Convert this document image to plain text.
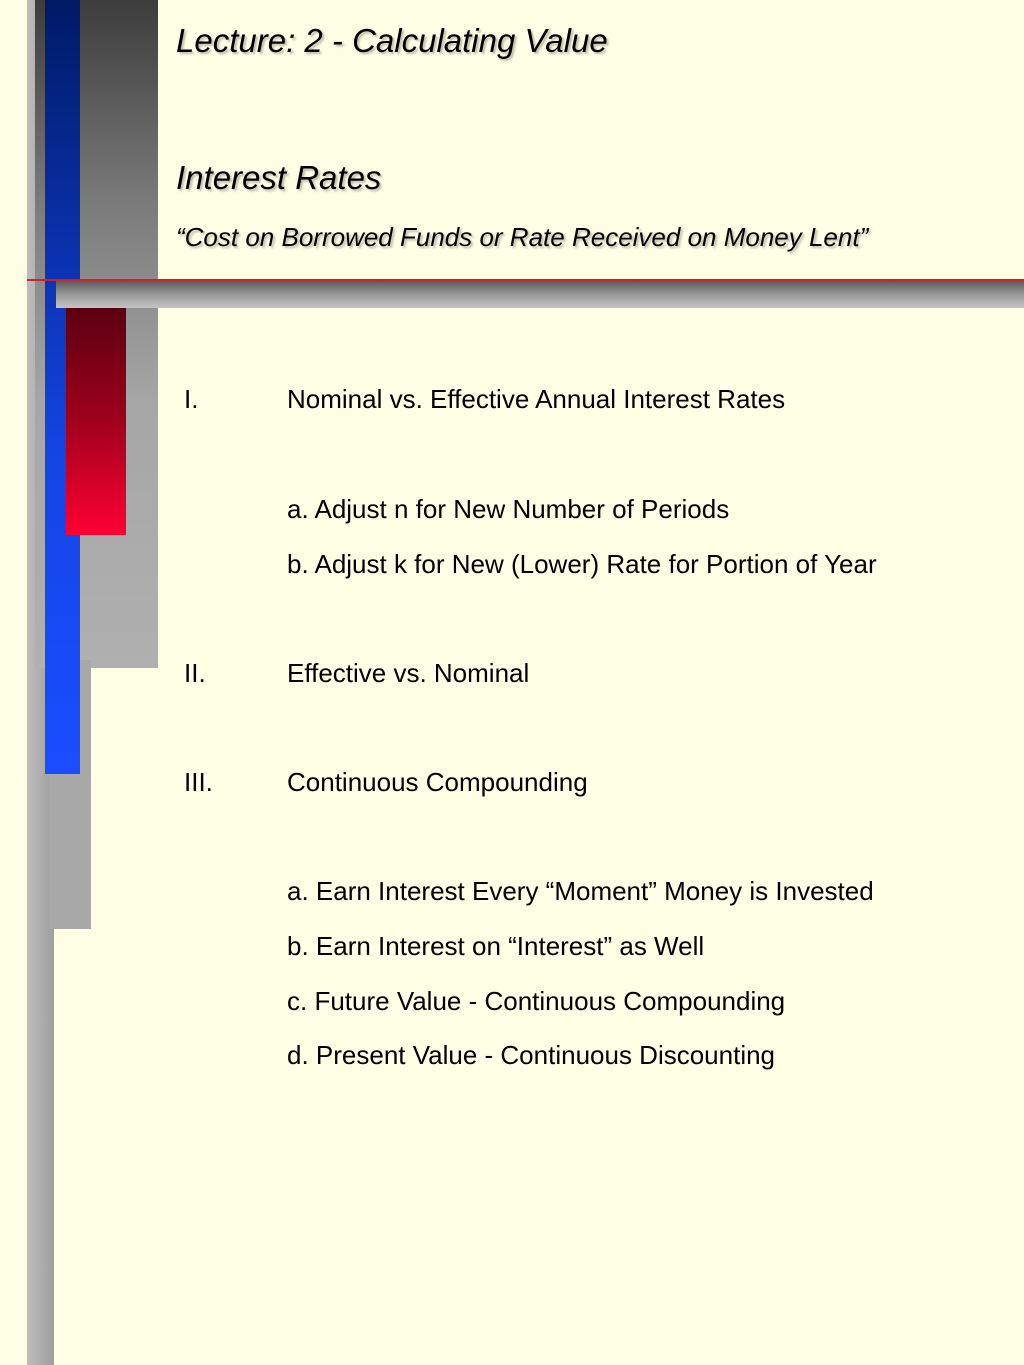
Lecture: 2 - Calculating Value
Interest Rates
“Cost on Borrowed Funds or Rate Received on Money Lent”
I.	Nominal vs. Effective Annual Interest Rates
a. Adjust n for New Number of Periods
b. Adjust k for New (Lower) Rate for Portion of Year
II.	Effective vs. Nominal
III.	Continuous Compounding
a. Earn Interest Every “Moment” Money is Invested
b. Earn Interest on “Interest” as Well
c. Future Value - Continuous Compounding
d. Present Value - Continuous Discounting
